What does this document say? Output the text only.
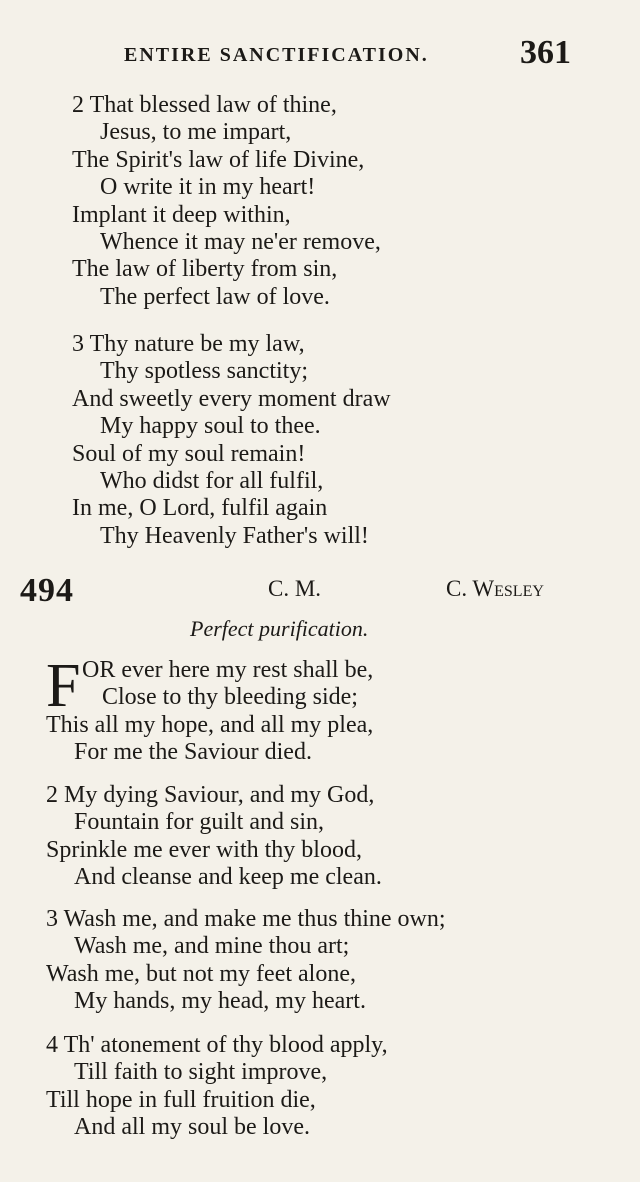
ENTIRE SANCTIFICATION.	361
2 That blessed law of thine,
Jesus, to me impart,
The Spirit's law of life Divine,
O write it in my heart!
Implant it deep within,
Whence it may ne'er remove,
The law of liberty from sin,
The perfect law of love.
3 Thy nature be my law,
Thy spotless sanctity;
And sweetly every moment draw
My happy soul to thee.
Soul of my soul remain!
Who didst for all fulfil,
In me, O Lord, fulfil again
Thy Heavenly Father's will!
494	C. M.	C. Wesley
Perfect purification.
F OR ever here my rest shall be,
Close to thy bleeding side;
This all my hope, and all my plea,
For me the Saviour died.
2 My dying Saviour, and my God,
Fountain for guilt and sin,
Sprinkle me ever with thy blood,
And cleanse and keep me clean.
3 Wash me, and make me thus thine own;
Wash me, and mine thou art;
Wash me, but not my feet alone,
My hands, my head, my heart.
4 Th' atonement of thy blood apply,
Till faith to sight improve,
Till hope in full fruition die,
And all my soul be love.
